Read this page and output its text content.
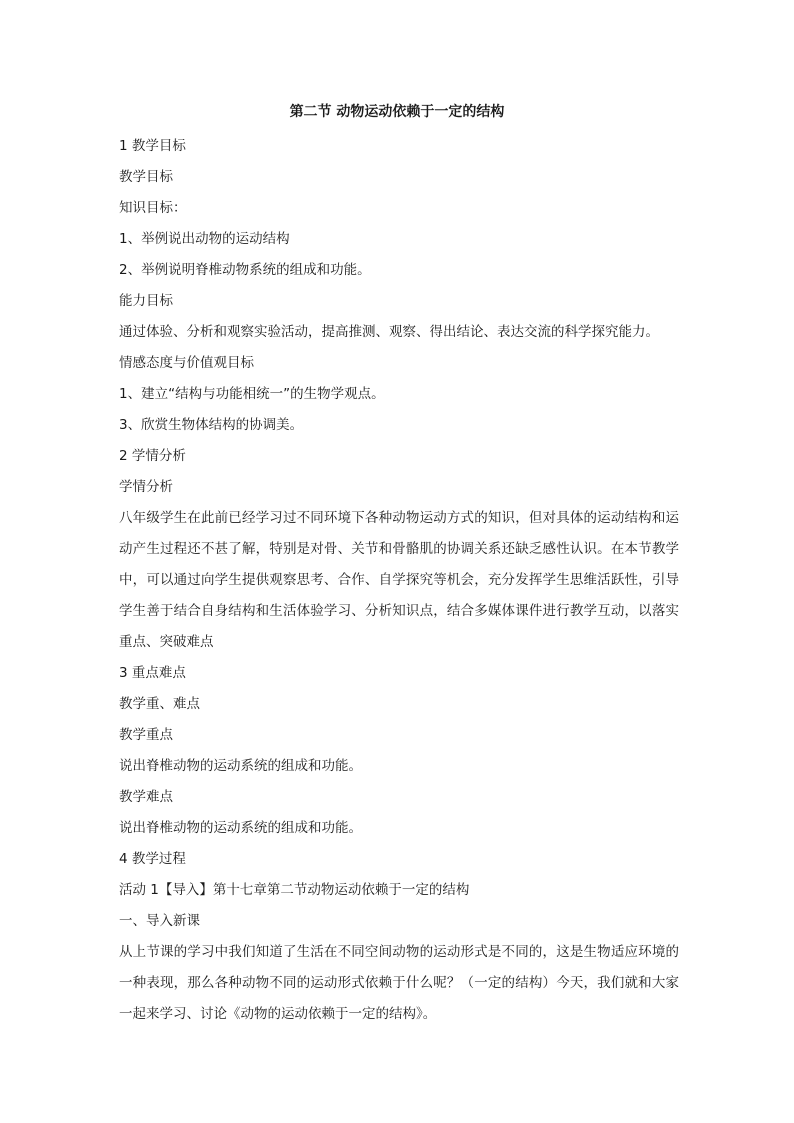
第二节 动物运动依赖于一定的结构
1 教学目标
教学目标
知识目标：
1、举例说出动物的运动结构
2、举例说明脊椎动物系统的组成和功能。
能力目标
通过体验、分析和观察实验活动，提高推测、观察、得出结论、表达交流的科学探究能力。
情感态度与价值观目标
1、建立“结构与功能相统一”的生物学观点。
3、欣赏生物体结构的协调美。
2 学情分析
学情分析
八年级学生在此前已经学习过不同环境下各种动物运动方式的知识，但对具体的运动结构和运动产生过程还不甚了解，特别是对骨、关节和骨骼肌的协调关系还缺乏感性认识。在本节教学中，可以通过向学生提供观察思考、合作、自学探究等机会，充分发挥学生思维活跃性，引导学生善于结合自身结构和生活体验学习、分析知识点，结合多媒体课件进行教学互动，以落实重点、突破难点
3 重点难点
教学重、难点
教学重点
说出脊椎动物的运动系统的组成和功能。
教学难点
说出脊椎动物的运动系统的组成和功能。
4 教学过程
活动 1【导入】第十七章第二节动物运动依赖于一定的结构
一、导入新课
从上节课的学习中我们知道了生活在不同空间动物的运动形式是不同的，这是生物适应环境的一种表现，那么各种动物不同的运动形式依赖于什么呢？（一定的结构）今天，我们就和大家一起来学习、讨论《动物的运动依赖于一定的结构》。
